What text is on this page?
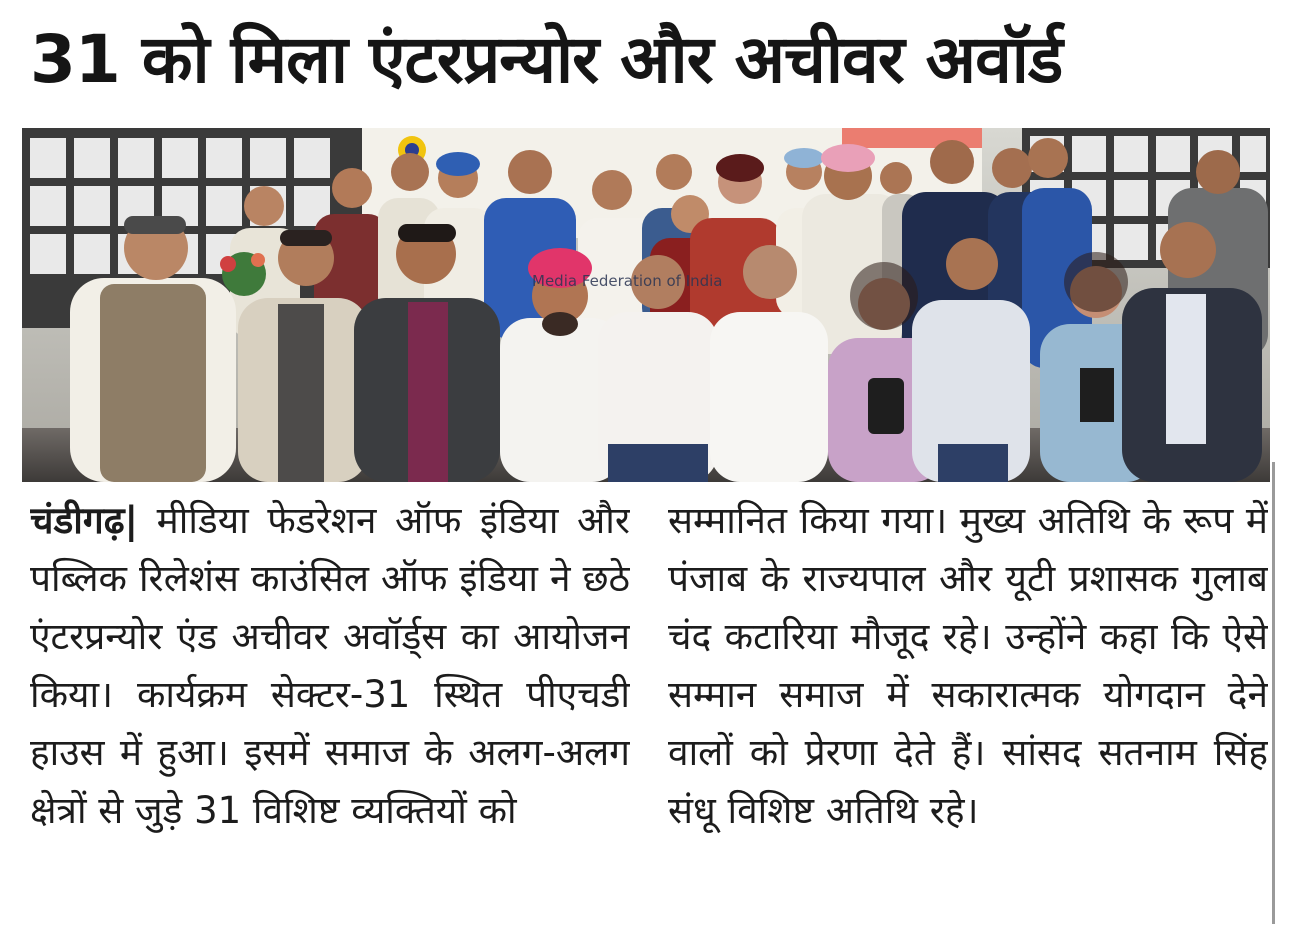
31 को मिला एंटरप्रन्योर और अचीवर अवॉर्ड
Media Federation of India

चंडीगढ़| मीडिया फेडरेशन ऑफ इंडिया और पब्लिक रिलेशंस काउंसिल ऑफ इंडिया ने छठे एंटरप्रन्योर एंड अचीवर अवॉर्ड्स का आयोजन किया। कार्यक्रम सेक्टर-31 स्थित पीएचडी हाउस में हुआ। इसमें समाज के अलग-अलग क्षेत्रों से जुड़े 31 विशिष्ट व्यक्तियों को

सम्मानित किया गया। मुख्य अतिथि के रूप में पंजाब के राज्यपाल और यूटी प्रशासक गुलाब चंद कटारिया मौजूद रहे। उन्होंने कहा कि ऐसे सम्मान समाज में सकारात्मक योगदान देने वालों को प्रेरणा देते हैं। सांसद सतनाम सिंह संधू विशिष्ट अतिथि रहे।
